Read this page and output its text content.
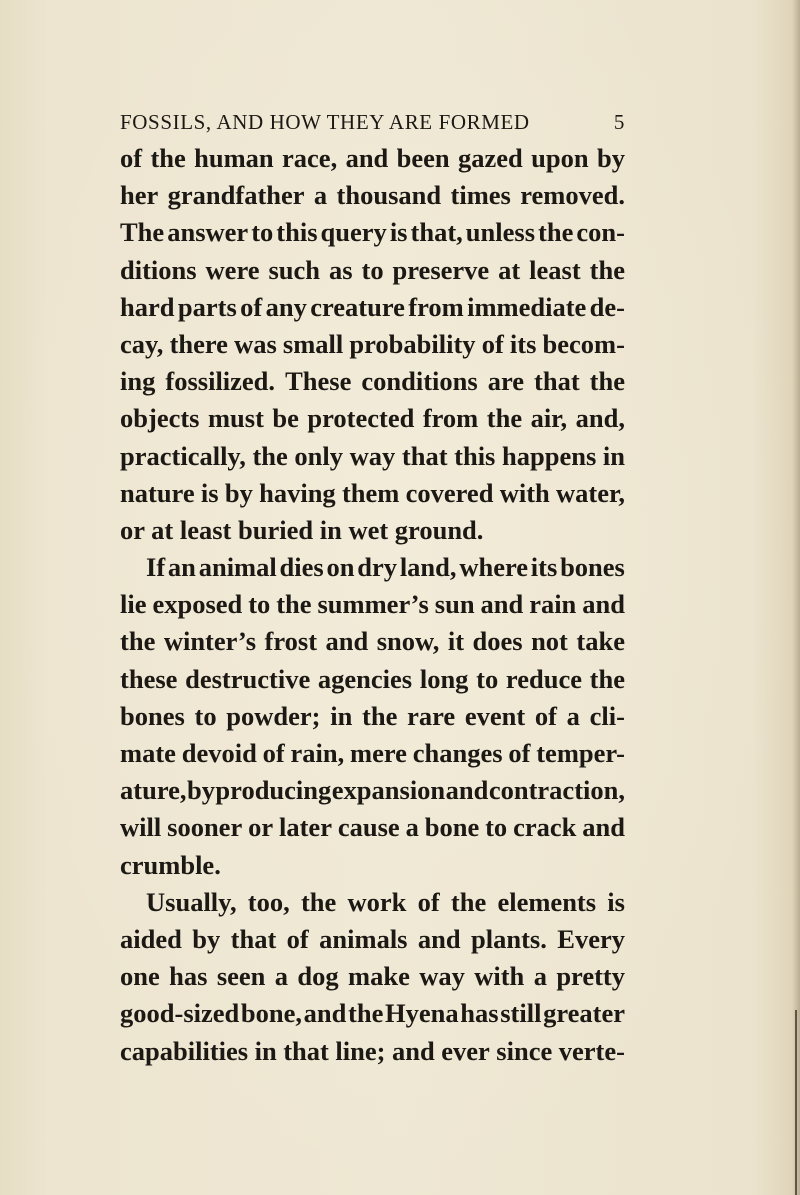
FOSSILS, AND HOW THEY ARE FORMED	5
of the human race, and been gazed upon by
her grandfather a thousand times removed.
The answer to this query is that, unless the con-
ditions were such as to preserve at least the
hard parts of any creature from immediate de-
cay, there was small probability of its becom-
ing fossilized. These conditions are that the
objects must be protected from the air, and,
practically, the only way that this happens in
nature is by having them covered with water,
or at least buried in wet ground.
If an animal dies on dry land, where its bones
lie exposed to the summer’s sun and rain and
the winter’s frost and snow, it does not take
these destructive agencies long to reduce the
bones to powder; in the rare event of a cli-
mate devoid of rain, mere changes of temper-
ature, by producing expansion and contraction,
will sooner or later cause a bone to crack and
crumble.
Usually, too, the work of the elements is
aided by that of animals and plants. Every
one has seen a dog make way with a pretty
good-sized bone, and the Hyena has still greater
capabilities in that line; and ever since verte-
